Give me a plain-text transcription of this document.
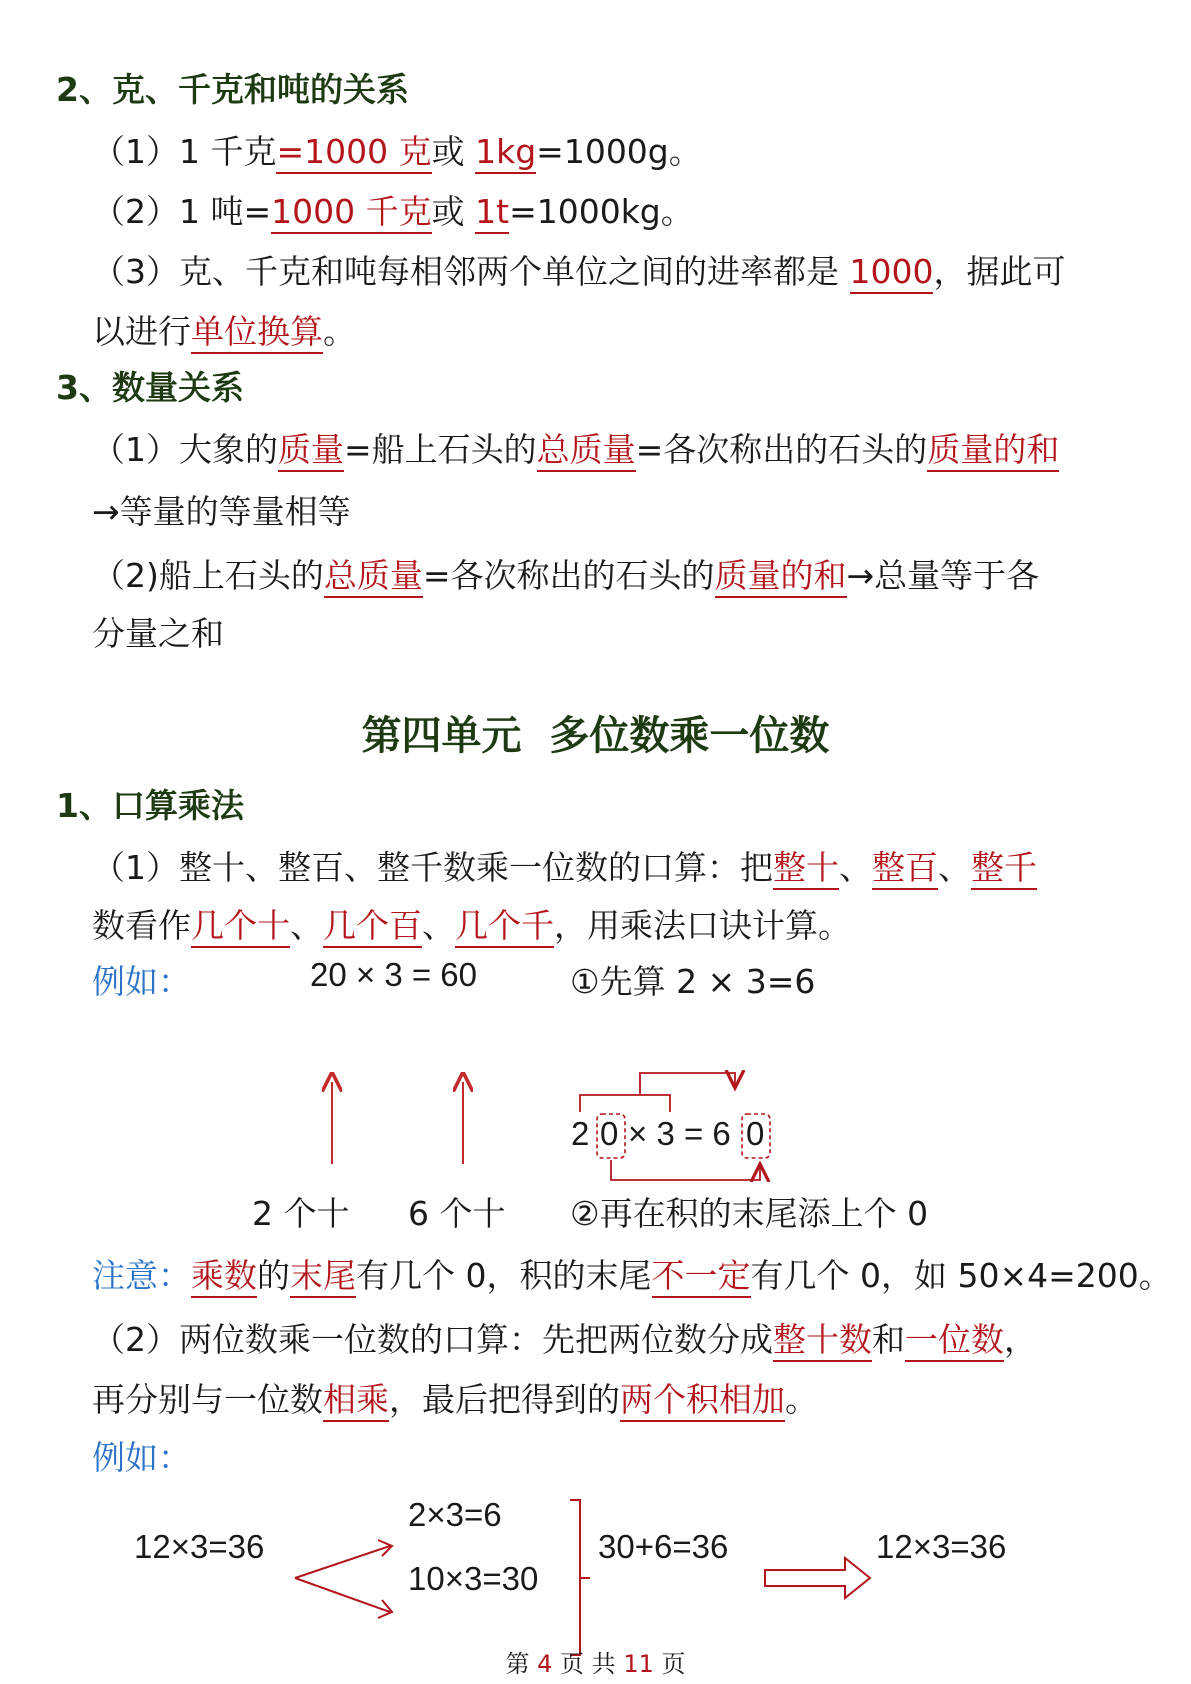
2、克、千克和吨的关系
（1）1 千克=1000 克或 1kg=1000g。
（2）1 吨=1000 千克或 1t=1000kg。
（3）克、千克和吨每相邻两个单位之间的进率都是 1000，据此可
以进行单位换算。
3、数量关系
（1）大象的质量=船上石头的总质量=各次称出的石头的质量的和
→等量的等量相等
（2)船上石头的总质量=各次称出的石头的质量的和→总量等于各
分量之和
第四单元  多位数乘一位数
1、口算乘法
（1）整十、整百、整千数乘一位数的口算：把整十、整百、整千
数看作几个十、几个百、几个千，用乘法口诀计算。
例如：	20 × 3 = 60	①先算 2 × 3=6
2 0 × 3 = 6 0
2 个十 6 个十 ②再在积的末尾添上个 0
注意：乘数的末尾有几个 0，积的末尾不一定有几个 0，如 50×4=200。
（2）两位数乘一位数的口算：先把两位数分成整十数和一位数，
再分别与一位数相乘，最后把得到的两个积相加。
例如：
12×3=36
2×3=6
10×3=30
30+6=36	12×3=36
第 4 页 共 11 页
